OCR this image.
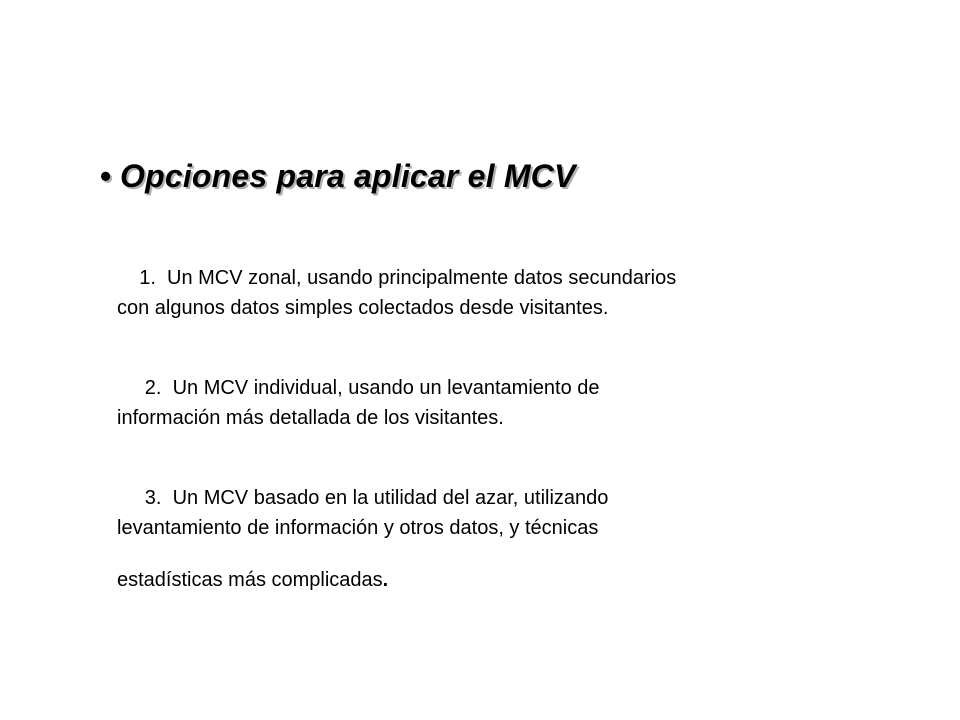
• Opciones para aplicar el MCV
1.  Un MCV zonal, usando principalmente datos secundarios
con algunos datos simples colectados desde visitantes.
2.  Un MCV individual, usando un levantamiento de
información más detallada de los visitantes.
3.  Un MCV basado en la utilidad del azar, utilizando
levantamiento de información y otros datos, y técnicas
estadísticas más complicadas.
